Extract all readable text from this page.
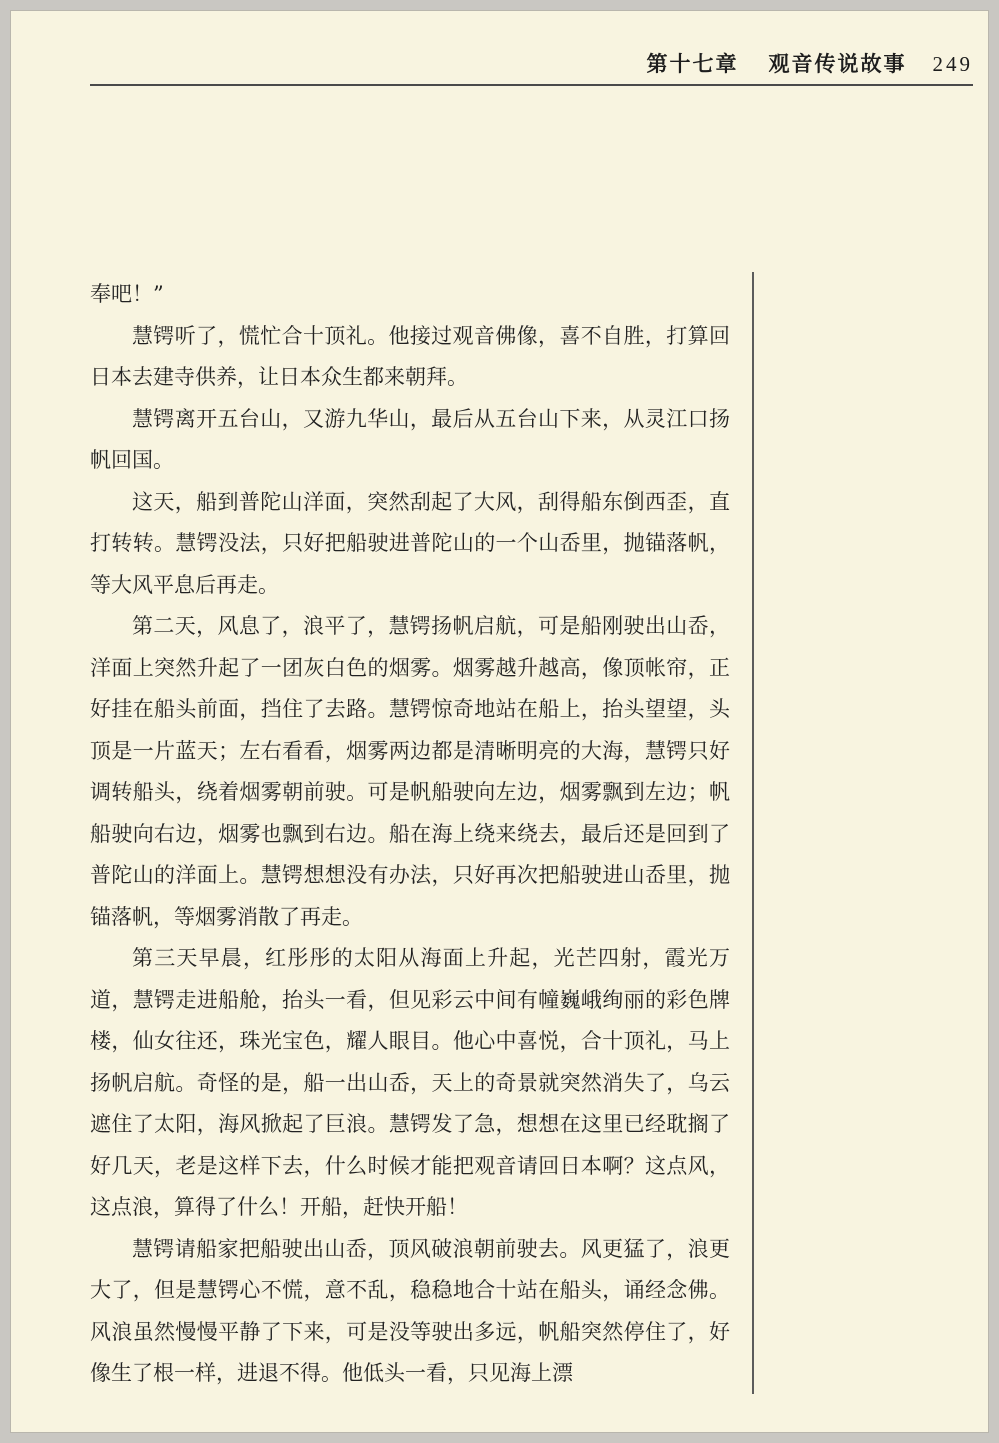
第十七章 观音传说故事 249

奉吧！”

慧锷听了，慌忙合十顶礼。他接过观音佛像，喜不自胜，打算回日本去建寺供养，让日本众生都来朝拜。

慧锷离开五台山，又游九华山，最后从五台山下来，从灵江口扬帆回国。

这天，船到普陀山洋面，突然刮起了大风，刮得船东倒西歪，直打转转。慧锷没法，只好把船驶进普陀山的一个山岙里，抛锚落帆，等大风平息后再走。

第二天，风息了，浪平了，慧锷扬帆启航，可是船刚驶出山岙，洋面上突然升起了一团灰白色的烟雾。烟雾越升越高，像顶帐帘，正好挂在船头前面，挡住了去路。慧锷惊奇地站在船上，抬头望望，头顶是一片蓝天；左右看看，烟雾两边都是清晰明亮的大海，慧锷只好调转船头，绕着烟雾朝前驶。可是帆船驶向左边，烟雾飘到左边；帆船驶向右边，烟雾也飘到右边。船在海上绕来绕去，最后还是回到了普陀山的洋面上。慧锷想想没有办法，只好再次把船驶进山岙里，抛锚落帆，等烟雾消散了再走。

第三天早晨，红彤彤的太阳从海面上升起，光芒四射，霞光万道，慧锷走进船舱，抬头一看，但见彩云中间有幢巍峨绚丽的彩色牌楼，仙女往还，珠光宝色，耀人眼目。他心中喜悦，合十顶礼，马上扬帆启航。奇怪的是，船一出山岙，天上的奇景就突然消失了，乌云遮住了太阳，海风掀起了巨浪。慧锷发了急，想想在这里已经耽搁了好几天，老是这样下去，什么时候才能把观音请回日本啊？这点风，这点浪，算得了什么！开船，赶快开船！

慧锷请船家把船驶出山岙，顶风破浪朝前驶去。风更猛了，浪更大了，但是慧锷心不慌，意不乱，稳稳地合十站在船头，诵经念佛。风浪虽然慢慢平静了下来，可是没等驶出多远，帆船突然停住了，好像生了根一样，进退不得。他低头一看，只见海上漂
